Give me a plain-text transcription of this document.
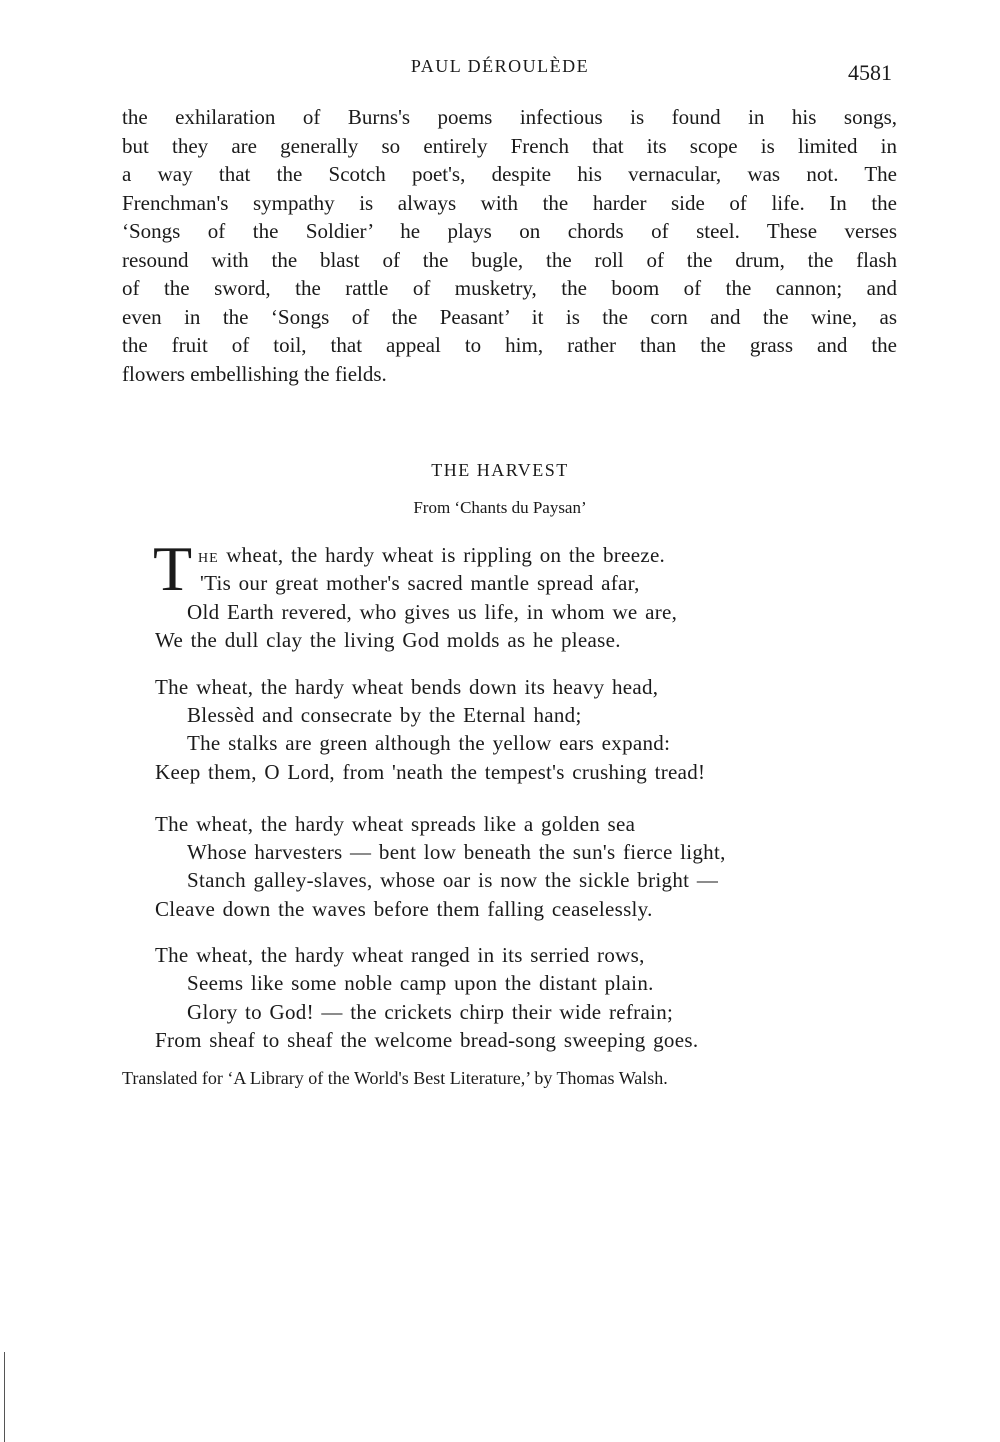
PAUL DÉROULÈDE	4581
the exhilaration of Burns's poems infectious is found in his songs,
but they are generally so entirely French that its scope is limited in
a way that the Scotch poet's, despite his vernacular, was not. The
Frenchman's sympathy is always with the harder side of life. In the
‘Songs of the Soldier’ he plays on chords of steel. These verses
resound with the blast of the bugle, the roll of the drum, the flash
of the sword, the rattle of musketry, the boom of the cannon; and
even in the ‘Songs of the Peasant’ it is the corn and the wine, as
the fruit of toil, that appeal to him, rather than the grass and the
flowers embellishing the fields.
THE HARVEST
From ‘Chants du Paysan’
T HE wheat, the hardy wheat is rippling on the breeze.
'Tis our great mother's sacred mantle spread afar,
Old Earth revered, who gives us life, in whom we are,
We the dull clay the living God molds as he please.
The wheat, the hardy wheat bends down its heavy head,
Blessèd and consecrate by the Eternal hand;
The stalks are green although the yellow ears expand:
Keep them, O Lord, from 'neath the tempest's crushing tread!
The wheat, the hardy wheat spreads like a golden sea
Whose harvesters — bent low beneath the sun's fierce light,
Stanch galley-slaves, whose oar is now the sickle bright —
Cleave down the waves before them falling ceaselessly.
The wheat, the hardy wheat ranged in its serried rows,
Seems like some noble camp upon the distant plain.
Glory to God! — the crickets chirp their wide refrain;
From sheaf to sheaf the welcome bread-song sweeping goes.
Translated for ‘A Library of the World's Best Literature,’ by Thomas Walsh.
